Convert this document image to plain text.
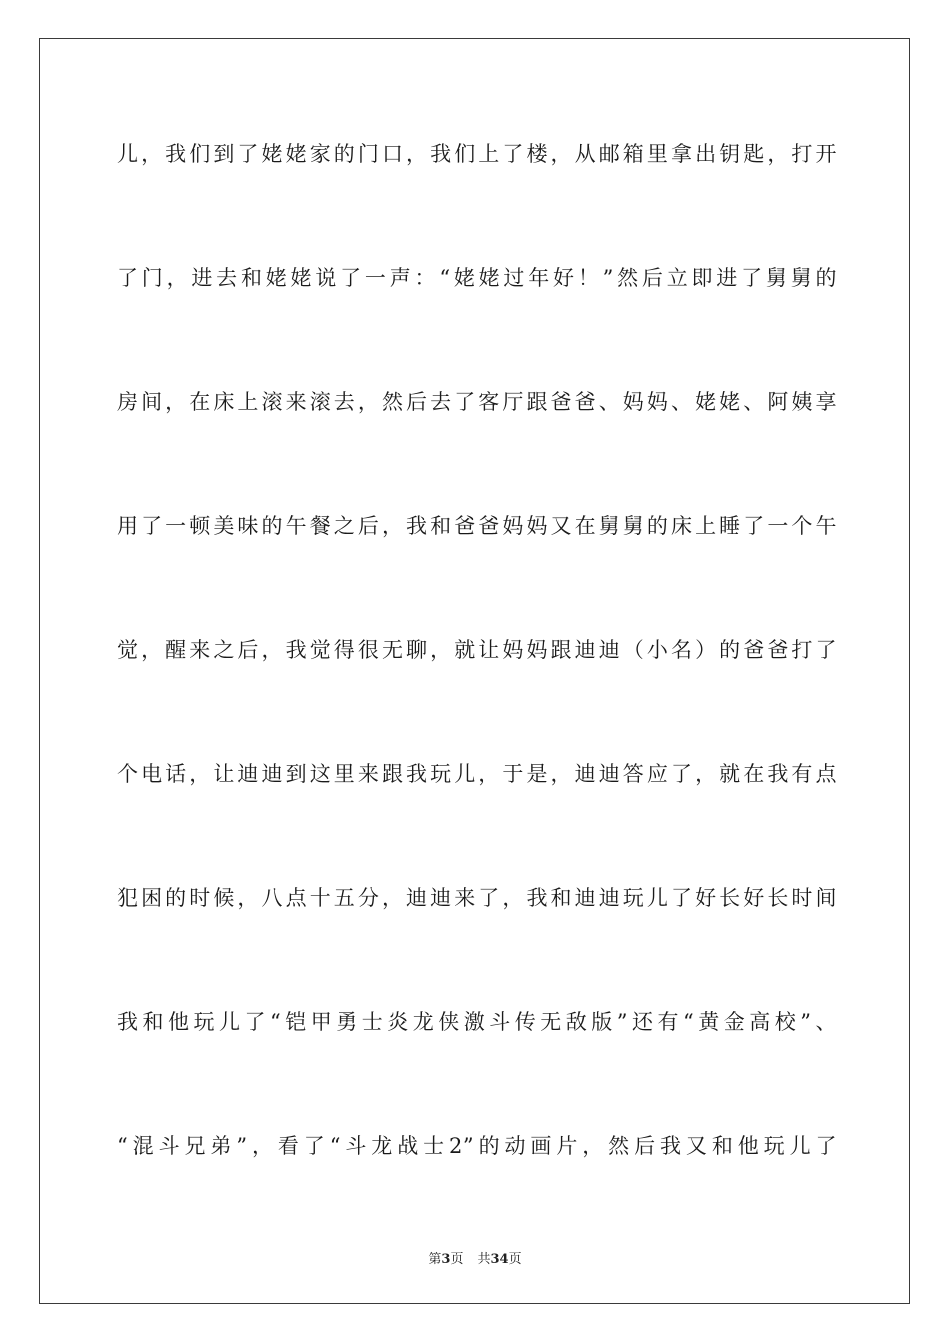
儿，我们到了姥姥家的门口，我们上了楼，从邮箱里拿出钥匙，打开
了门，进去和姥姥说了一声：“姥姥过年好！”然后立即进了舅舅的
房间，在床上滚来滚去，然后去了客厅跟爸爸、妈妈、姥姥、阿姨享
用了一顿美味的午餐之后，我和爸爸妈妈又在舅舅的床上睡了一个午
觉，醒来之后，我觉得很无聊，就让妈妈跟迪迪（小名）的爸爸打了
个电话，让迪迪到这里来跟我玩儿，于是，迪迪答应了，就在我有点
犯困的时候，八点十五分，迪迪来了，我和迪迪玩儿了好长好长时间
我和他玩儿了“铠甲勇士炎龙侠激斗传无敌版”还有“黄金高校”、
“混斗兄弟”，看了“斗龙战士2”的动画片，然后我又和他玩儿了
第3页 共34页
